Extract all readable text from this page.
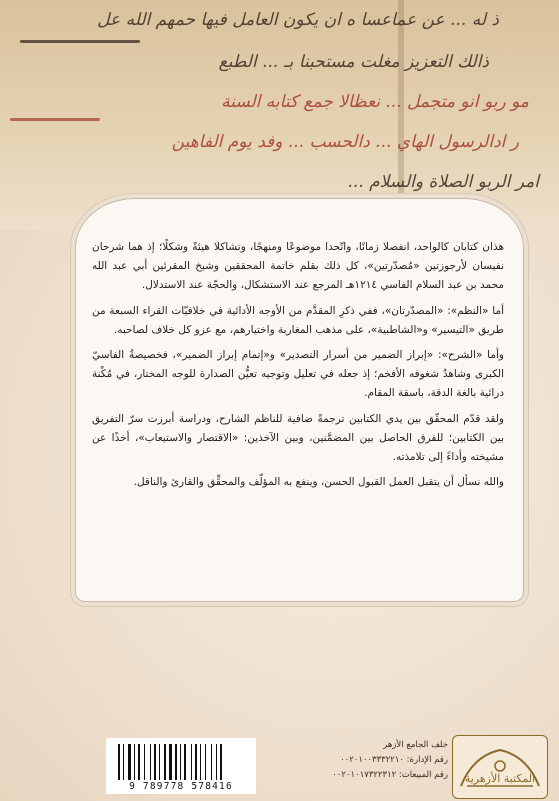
ذ له ... عن عماعسا ه ان يكون العامل فيها حمهم الله عل
ذالك التعزيز مغلت مستحبنا بـ ... الطبع
مو ربو انو متجمل ... نعظالا جمع كتابه السنة
ر ادالرسول الهاي ... دالحسب ... وفد يوم الفاهين
امر الربو الصلاة والسلام ...

هذان كتابان كالواحد، انفصلا زمانًا، واتّحدا موضوعًا ومنهجًا، وتشاكلا هيئةً وشكلًا؛ إذ هما شرحان نفيسان لأرجوزتين «مُصدّرتين»، كل ذلك بقلم خاتمة المحققين وشيخ المقرئين أبي عبد الله محمد بن عبد السلام الفاسي ١٢١٤هـ المرجع عند الاستشكال، والحجّة عند الاستدلال.

أما «النظم»: «المصدّرتان»، ففي ذكرِ المقدَّم من الأوجه الأدائية في خلافيّات القراء السبعة من طريق «التيسير» و«الشاطبية»، على مذهب المغاربة واختيارهم، مع عزو كل خلاف لصاحبه.

وأما «الشرح»: «إبراز الضمير من أسرار التصدير» و«إتمام إبراز الضمير»، فخصيصةُ الفاسيّ الكبرى وشاهدُ شغوفه الأفخم؛ إذ جعله في تعليل وتوجيه تعيُّن الصدارة للوجه المختار، في مُكْنة درائية بالغة الدقة، باسقة المقام.

ولقد قدّم المحقّق بين يدي الكتابين ترجمةً ضافية للناظم الشارح، ودراسة أبرزت سرّ التفريق بين الكتابين؛ للفرق الحاصل بين المضمَّنين، وبين الآخذين: «الاقتصار والاستيعاب»، أخذًا عن مشيخته وأداءً إلى تلامذته.

والله نسأل أن يتقبل العمل القبول الحسن، وينفع به المؤلّف والمحقِّق والقارئ والناقل.

9 789778 578416
خلف الجامع الأزهر
رقم الإدارة: ٠٠٢٠١٠٠٣٣٣٢٢١٠
رقم المبيعات: ٠٠٢٠١٠١٧٣٢٢٣١٢ المكتبة الأزهرية
